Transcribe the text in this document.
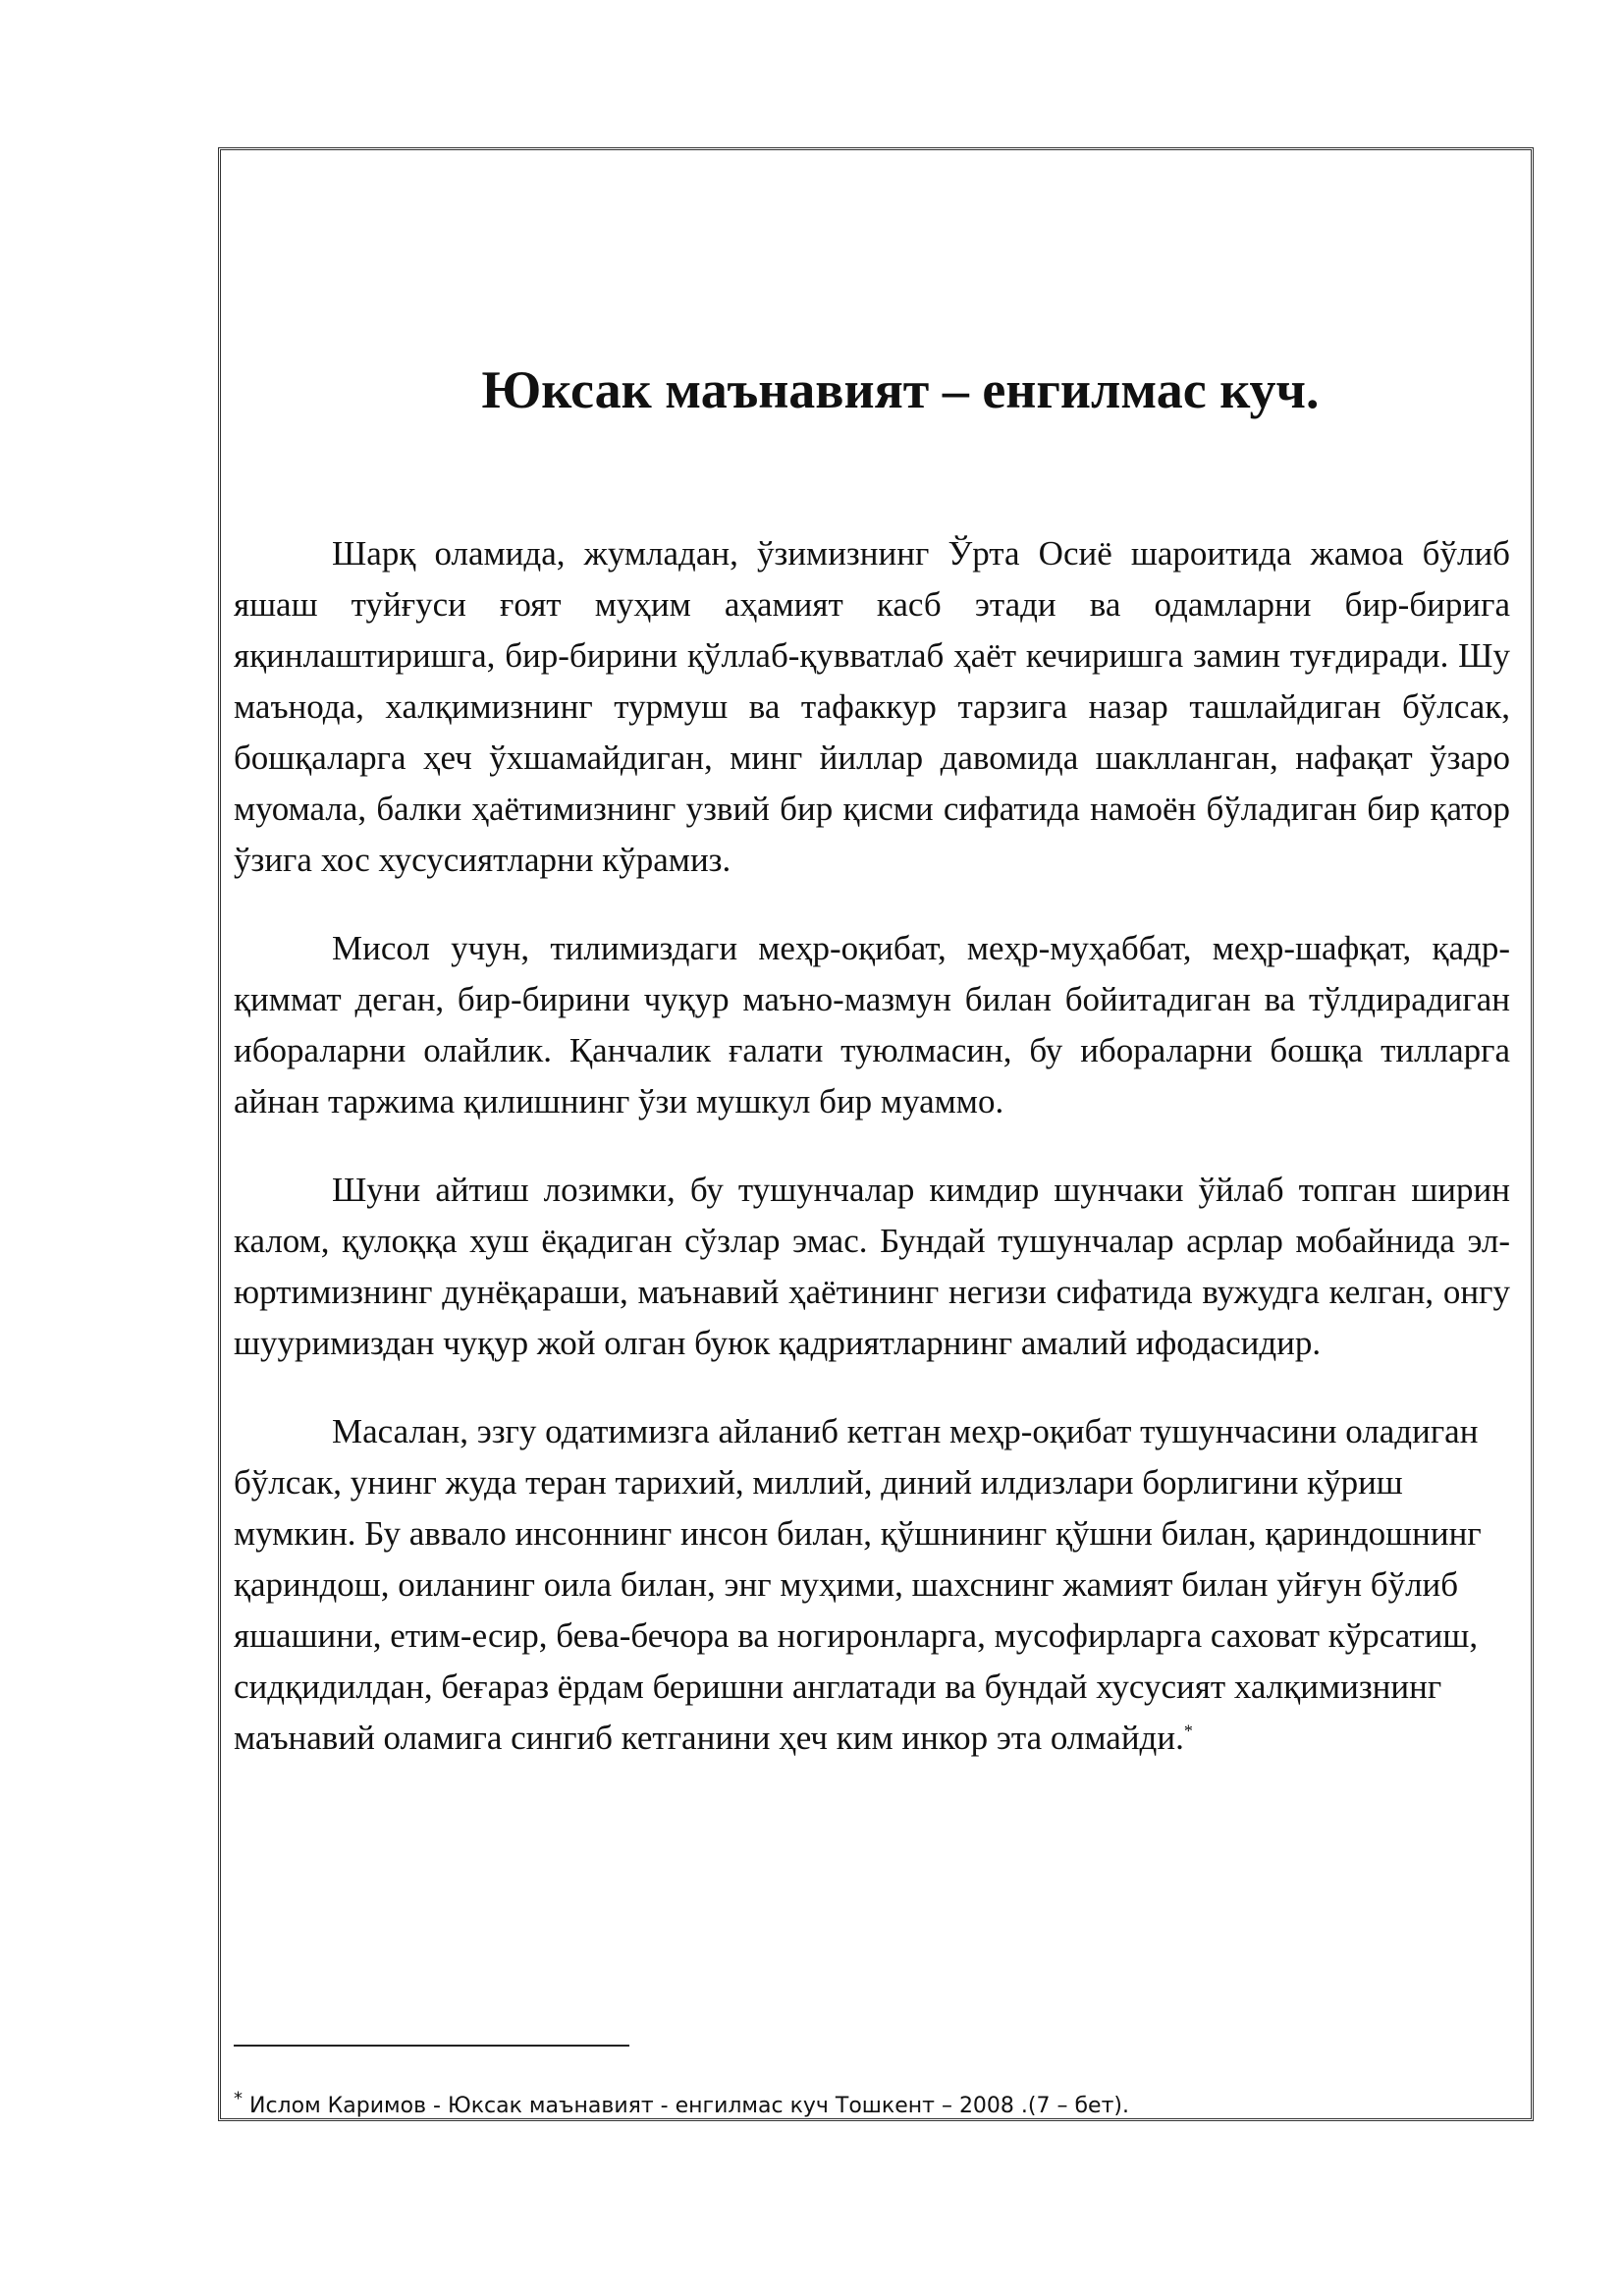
Юксак маънавият – енгилмас куч.

Шарқ оламида, жумладан, ўзимизнинг Ўрта Осиё шароитида жамоа бўлиб яшаш туйғуси ғоят муҳим аҳамият касб этади ва одамларни бир-бирига яқинлаштиришга, бир-бирини қўллаб-қувватлаб ҳаёт кечиришга замин туғдиради. Шу маънода, халқимизнинг турмуш ва тафаккур тарзига назар ташлайдиган бўлсак, бошқаларга ҳеч ўхшамайдиган, минг йиллар давомида шаклланган, нафақат ўзаро муомала, балки ҳаётимизнинг узвий бир қисми сифатида намоён бўладиган бир қатор ўзига хос хусусиятларни кўрамиз.

Мисол учун, тилимиздаги меҳр-оқибат, меҳр-муҳаббат, меҳр-шафқат, қадр-қиммат деган, бир-бирини чуқур маъно-мазмун билан бойитадиган ва тўлдирадиган ибораларни олайлик. Қанчалик ғалати туюлмасин, бу ибораларни бошқа тилларга айнан таржима қилишнинг ўзи мушкул бир муаммо.

Шуни айтиш лозимки, бу тушунчалар кимдир шунчаки ўйлаб топган ширин калом, қулоққа хуш ёқадиган сўзлар эмас. Бундай тушунчалар асрлар мобайнида эл-юртимизнинг дунёқараши, маънавий ҳаётининг негизи сифатида вужудга келган, онгу шууримиздан чуқур жой олган буюк қадриятларнинг амалий ифодасидир.

Масалан, эзгу одатимизга айланиб кетган меҳр-оқибат тушунчасини оладиган бўлсак, унинг жуда теран тарихий, миллий, диний илдизлари борлигини кўриш мумкин. Бу аввало инсоннинг инсон билан, қўшнининг қўшни билан, қариндошнинг қариндош, оиланинг оила билан, энг муҳими, шахснинг жамият билан уйғун бўлиб яшашини, етим-есир, бева-бечора ва ногиронларга, мусофирларга саховат кўрсатиш, сидқидилдан, беғараз ёрдам беришни англатади ва бундай хусусият халқимизнинг маънавий оламига сингиб кетганини ҳеч ким инкор эта олмайди.*

* Ислом Каримов - Юксак маънавият - енгилмас куч Тошкент – 2008 .(7 – бет).
